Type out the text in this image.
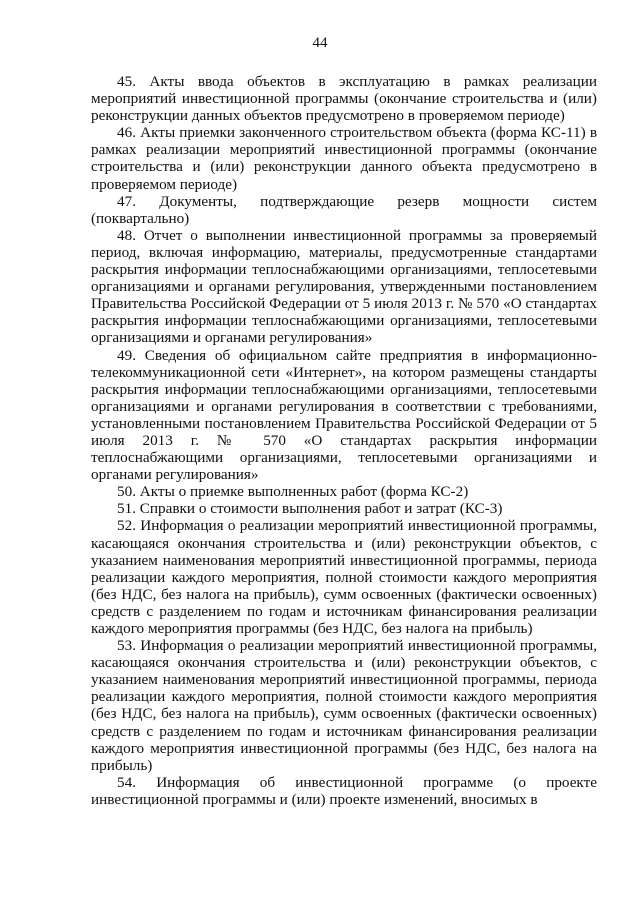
44

45. Акты ввода объектов в эксплуатацию в рамках реализации мероприятий инвестиционной программы (окончание строительства и (или) реконструкции данных объектов предусмотрено в проверяемом периоде)

46. Акты приемки законченного строительством объекта (форма КС-11) в рамках реализации мероприятий инвестиционной программы (окончание строительства и (или) реконструкции данного объекта предусмотрено в проверяемом периоде)

47. Документы, подтверждающие резерв мощности систем (поквартально)

48. Отчет о выполнении инвестиционной программы за проверяемый период, включая информацию, материалы, предусмотренные стандартами раскрытия информации теплоснабжающими организациями, теплосетевыми организациями и органами регулирования, утвержденными постановлением Правительства Российской Федерации от 5 июля 2013 г. № 570 «О стандартах раскрытия информации теплоснабжающими организациями, теплосетевыми организациями и органами регулирования»

49. Сведения об официальном сайте предприятия в информационно-телекоммуникационной сети «Интернет», на котором размещены стандарты раскрытия информации теплоснабжающими организациями, теплосетевыми организациями и органами регулирования в соответствии с требованиями, установленными постановлением Правительства Российской Федерации от 5 июля 2013 г. № 570 «О стандартах раскрытия информации теплоснабжающими организациями, теплосетевыми организациями и органами регулирования»

50. Акты о приемке выполненных работ (форма КС-2)

51. Справки о стоимости выполнения работ и затрат (КС-3)

52. Информация о реализации мероприятий инвестиционной программы, касающаяся окончания строительства и (или) реконструкции объектов, с указанием наименования мероприятий инвестиционной программы, периода реализации каждого мероприятия, полной стоимости каждого мероприятия (без НДС, без налога на прибыль), сумм освоенных (фактически освоенных) средств с разделением по годам и источникам финансирования реализации каждого мероприятия программы (без НДС, без налога на прибыль)

53. Информация о реализации мероприятий инвестиционной программы, касающаяся окончания строительства и (или) реконструкции объектов, с указанием наименования мероприятий инвестиционной программы, периода реализации каждого мероприятия, полной стоимости каждого мероприятия (без НДС, без налога на прибыль), сумм освоенных (фактически освоенных) средств с разделением по годам и источникам финансирования реализации каждого мероприятия инвестиционной программы (без НДС, без налога на прибыль)

54. Информация об инвестиционной программе (о проекте инвестиционной программы и (или) проекте изменений, вносимых в
